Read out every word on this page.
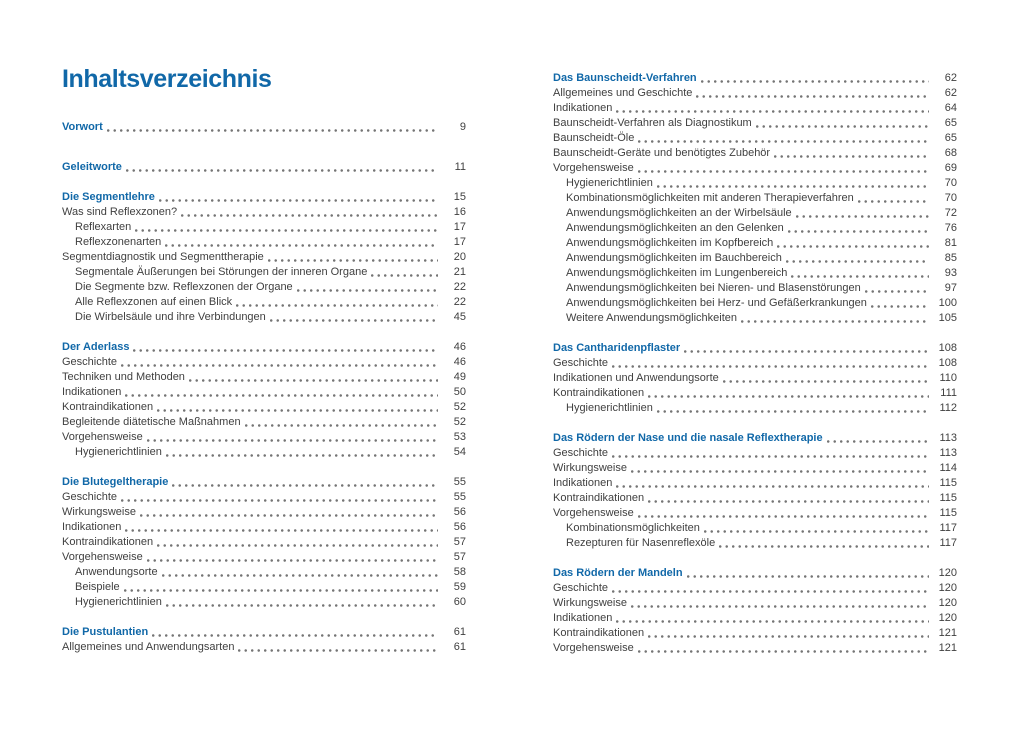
Inhaltsverzeichnis
Vorwort	9
Geleitworte	11
Die Segmentlehre	15
Was sind Reflexzonen?	16
Reflexarten	17
Reflexzonenarten	17
Segmentdiagnostik und Segmenttherapie	20
Segmentale Äußerungen bei Störungen der inneren Organe	21
Die Segmente bzw. Reflexzonen der Organe	22
Alle Reflexzonen auf einen Blick	22
Die Wirbelsäule und ihre Verbindungen	45
Der Aderlass	46
Geschichte	46
Techniken und Methoden	49
Indikationen	50
Kontraindikationen	52
Begleitende diätetische Maßnahmen	52
Vorgehensweise	53
Hygienerichtlinien	54
Die Blutegeltherapie	55
Geschichte	55
Wirkungsweise	56
Indikationen	56
Kontraindikationen	57
Vorgehensweise	57
Anwendungsorte	58
Beispiele	59
Hygienerichtlinien	60
Die Pustulantien	61
Allgemeines und Anwendungsarten	61
Das Baunscheidt-Verfahren	62
Allgemeines und Geschichte	62
Indikationen	64
Baunscheidt-Verfahren als Diagnostikum	65
Baunscheidt-Öle	65
Baunscheidt-Geräte und benötigtes Zubehör	68
Vorgehensweise	69
Hygienerichtlinien	70
Kombinationsmöglichkeiten mit anderen Therapieverfahren	70
Anwendungsmöglichkeiten an der Wirbelsäule	72
Anwendungsmöglichkeiten an den Gelenken	76
Anwendungsmöglichkeiten im Kopfbereich	81
Anwendungsmöglichkeiten im Bauchbereich	85
Anwendungsmöglichkeiten im Lungenbereich	93
Anwendungsmöglichkeiten bei Nieren- und Blasenstörungen	97
Anwendungsmöglichkeiten bei Herz- und Gefäßerkrankungen	100
Weitere Anwendungsmöglichkeiten	105
Das Cantharidenpflaster	108
Geschichte	108
Indikationen und Anwendungsorte	110
Kontraindikationen	111
Hygienerichtlinien	112
Das Rödern der Nase und die nasale Reflextherapie	113
Geschichte	113
Wirkungsweise	114
Indikationen	115
Kontraindikationen	115
Vorgehensweise	115
Kombinationsmöglichkeiten	117
Rezepturen für Nasenreflexöle	117
Das Rödern der Mandeln	120
Geschichte	120
Wirkungsweise	120
Indikationen	120
Kontraindikationen	121
Vorgehensweise	121
